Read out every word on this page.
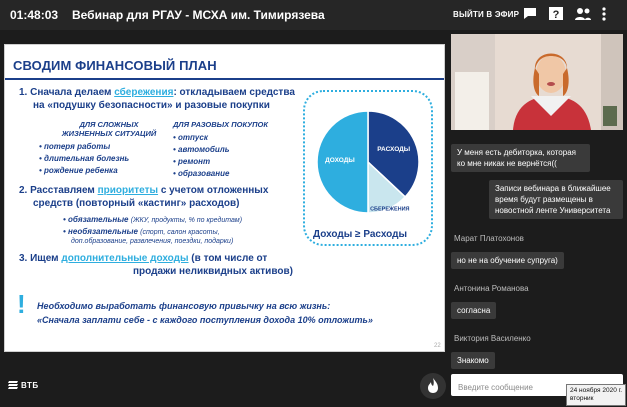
01:48:03 Вебинар для РГАУ - МСХА им. Тимирязева	ВЫЙТИ В ЭФИР	?
СВОДИМ ФИНАНСОВЫЙ ПЛАН
1. Сначала делаем сбережения: откладываем средства
на «подушку безопасности» и разовые покупки
ДЛЯ СЛОЖНЫХ
ЖИЗНЕННЫХ СИТУАЦИЙ
• потеря работы
• длительная болезнь
• рождение ребенка
ДЛЯ РАЗОВЫХ ПОКУПОК
• отпуск
• автомобиль
• ремонт
• образование
2. Расставляем приоритеты с учетом отложенных
средств (повторный «кастинг» расходов)
• обязательные (ЖКУ, продукты, % по кредитам)
• необязательные (спорт, салон красоты,
доп.образование, развлечения, поездки, подарки)
3. Ищем дополнительные доходы (в том числе от
продажи неликвидных активов)
! Необходимо выработать финансовую привычку на всю жизнь:
«Сначала заплати себе - с каждого поступления дохода 10% отложить»
РАСХОДЫ
СБЕРЕЖЕНИЯ
ДОХОДЫ
Доходы ≥ Расходы
22
У меня есть дебиторка, которая
ко мне никак не вернётся((
Записи вебинара в ближайшее
время будут размещены в
новостной ленте Университета
Марат Платохонов
но не на обучение супруга)
Антонина Романова
согласна
Виктория Василенко
Знакомо
Введите сообщение	24 ноября 2020 г.
вторник
ВТБ
